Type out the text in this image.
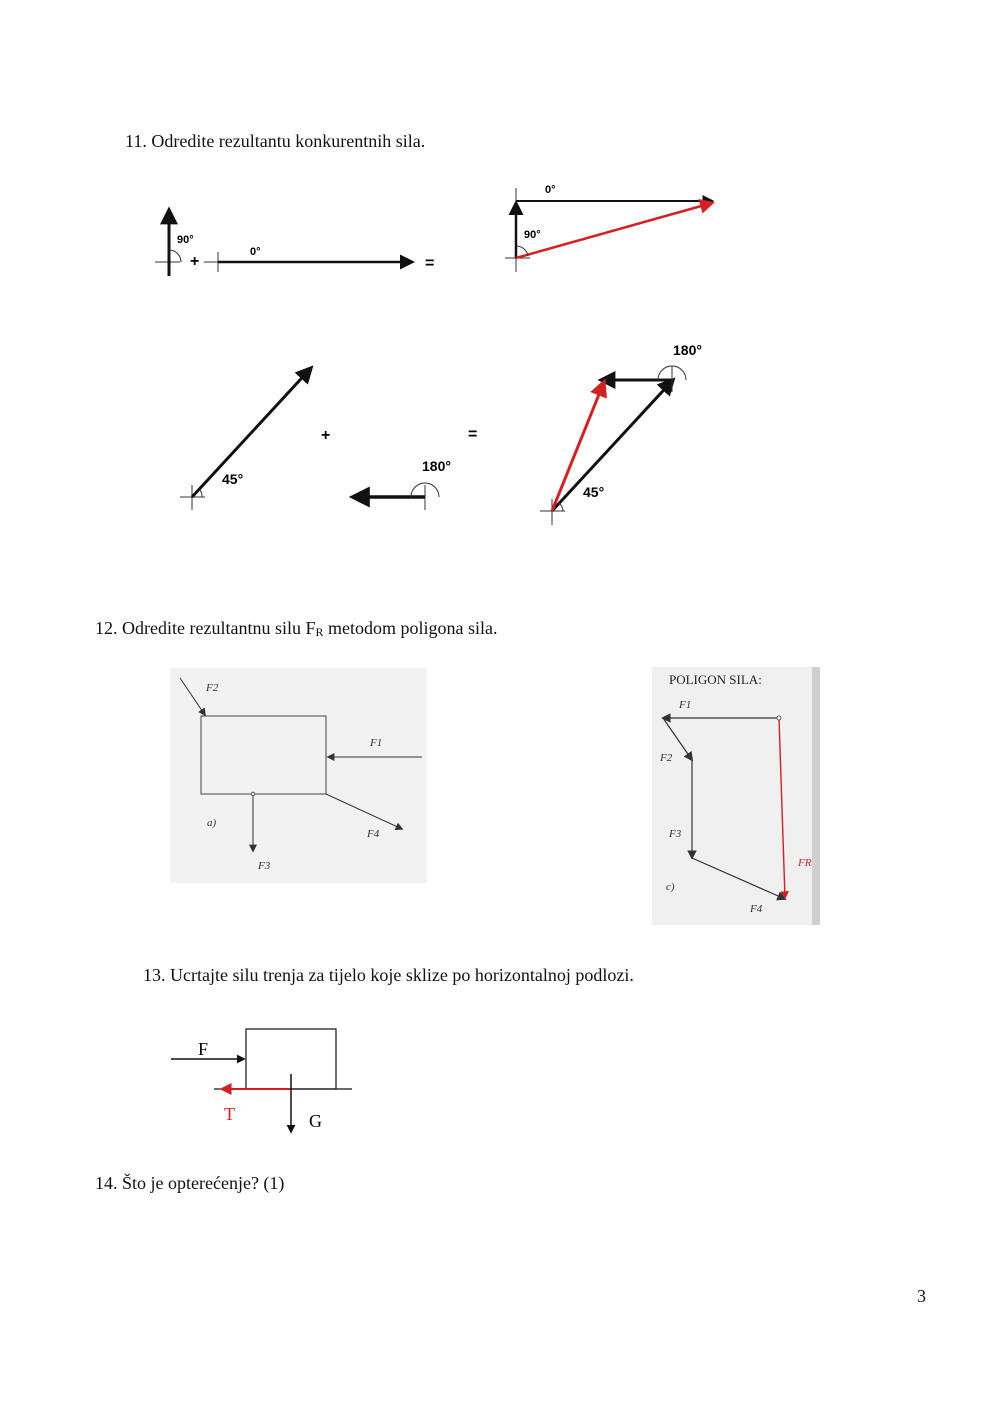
11. Odredite rezultantu konkurentnih sila.

12. Odredite rezultantnu silu $F_R$ metodom poligona sila.

13. Ucrtajte silu trenja za tijelo koje sklize po horizontalnoj podlozi.

14. Što je opterećenje? (1)

3
90°
+
0°
=
0°
90°
45°
+
180°
=
180°
45°
F2
F1
F3
F4
a)
POLIGON SILA:
F1
F2
F3
F4
FR
c)
F
T	G
